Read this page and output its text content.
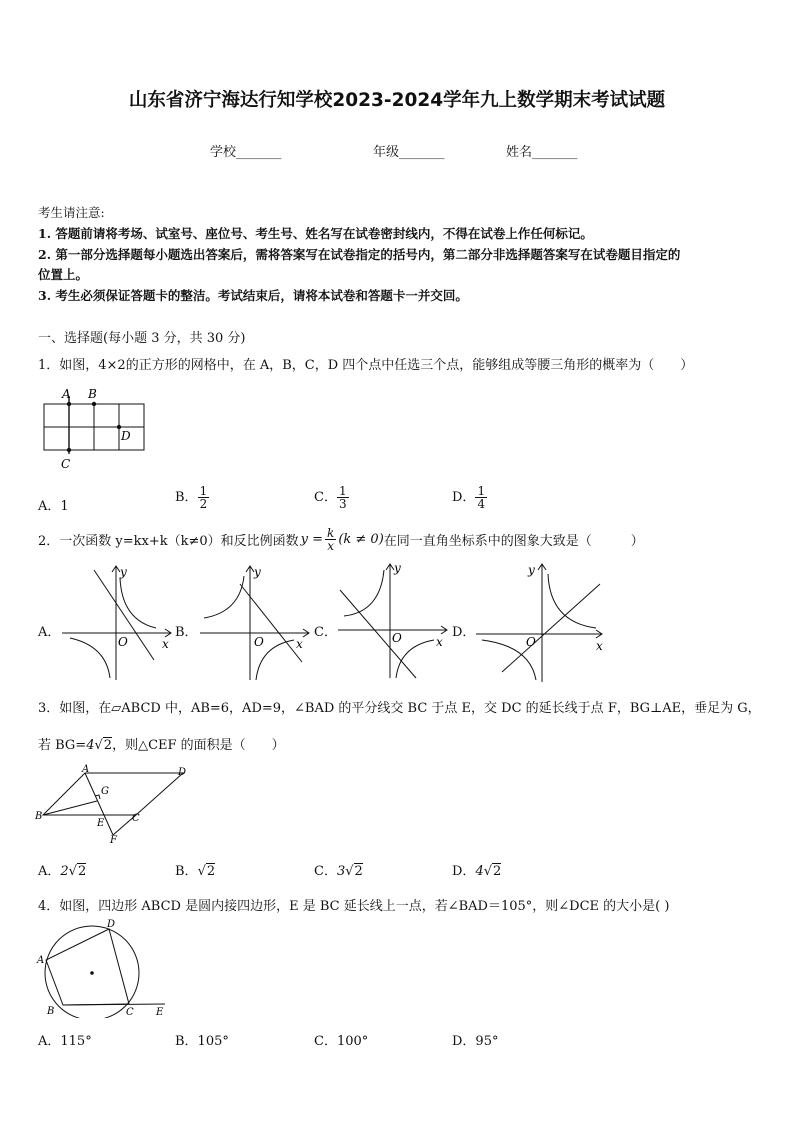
山东省济宁海达行知学校2023-2024学年九上数学期末考试试题
学校_______	年级_______	姓名_______
考生请注意:
1. 答题前请将考场、试室号、座位号、考生号、姓名写在试卷密封线内，不得在试卷上作任何标记。
2. 第一部分选择题每小题选出答案后，需将答案写在试卷指定的括号内，第二部分非选择题答案写在试卷题目指定的
位置上。
3. 考生必须保证答题卡的整洁。考试结束后，请将本试卷和答题卡一并交回。
一、选择题(每小题 3 分，共 30 分)
1．如图，4×2的正方形的网格中，在 A，B，C，D 四个点中任选三个点，能够组成等腰三角形的概率为（　　）
A B
C
D
A．1
B． $\frac{1}{2}$	C． $\frac{1}{3}$	D． $\frac{1}{4}$
2．一次函数 y=kx+k（k≠0）和反比例函数 $y = \frac{k}{x} (k \ne 0)$ 在同一直角坐标系中的图象大致是（　　　）
A．
y
x
O
B．
y
x
O
C．
y
x
O	D．
y
x
O
3．如图，在▱ABCD 中，AB=6，AD=9，∠BAD 的平分线交 BC 于点 E，交 DC 的延长线于点 F，BG⊥AE，垂足为 G，
若 BG=4√2，则△CEF 的面积是（　　）
A	D
G
B
E	C
F
A．2√2	B．√2	C．3√2	D．4√2
4．如图，四边形 ABCD 是圆内接四边形，E 是 BC 延长线上一点，若∠BAD＝105°，则∠DCE 的大小是( )
D
A
B	C E
A．115°	B．105°	C．100°	D．95°
